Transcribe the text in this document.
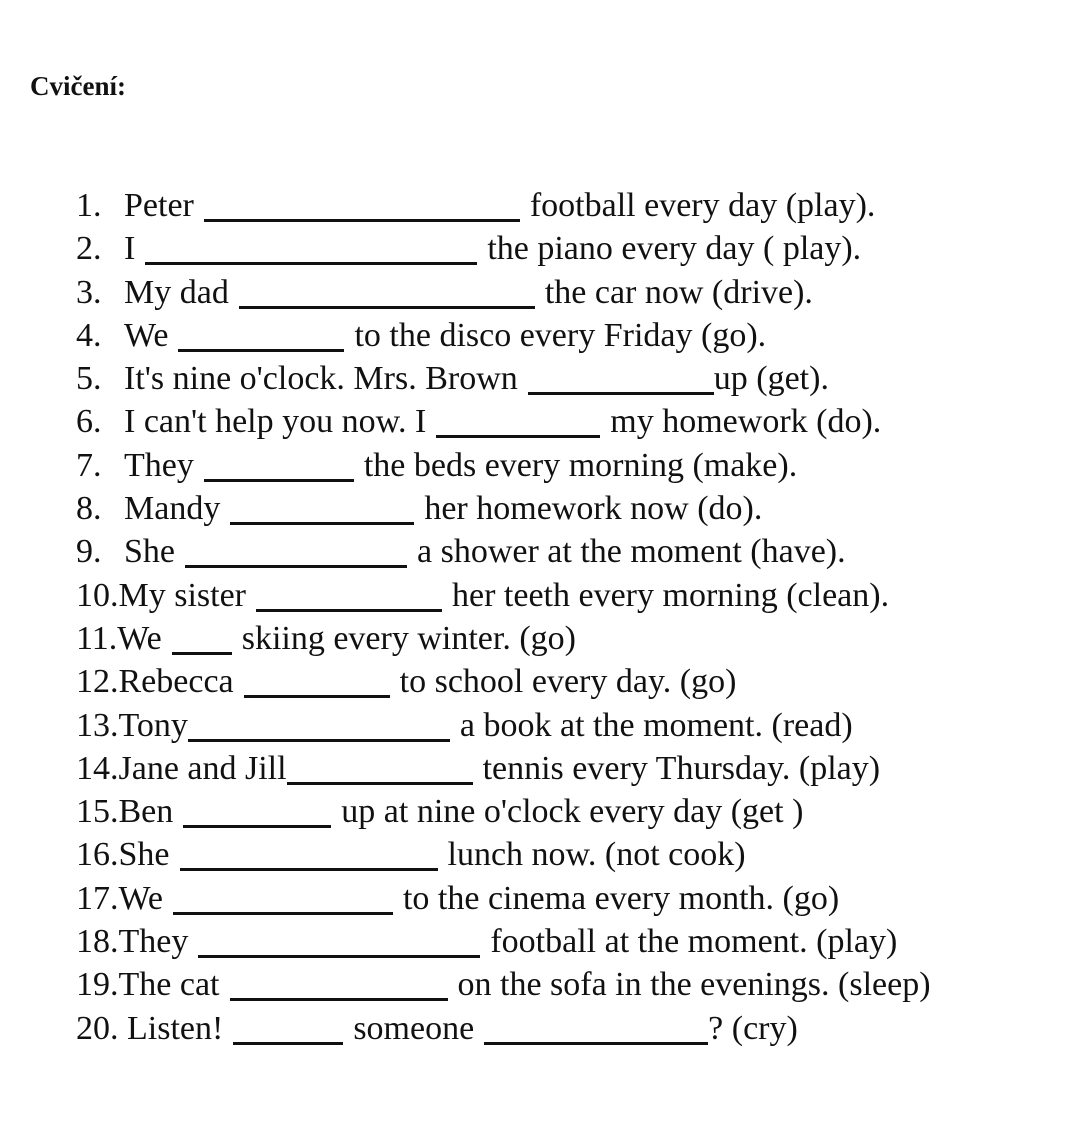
Cvičení:
1. Peter	football every day (play).
2. I	the piano every day ( play).
3. My dad	the car now (drive).
4. We	to the disco every Friday (go).
5. It's nine o'clock. Mrs. Brown	up (get).
6. I can't help you now. I	my homework (do).
7. They	the beds every morning (make).
8. Mandy	her homework now (do).
9. She	a shower at the moment (have).
10.My sister	her teeth every morning (clean).
11.We skiing every winter. (go)
12.Rebecca	to school every day. (go)
13.Tony	a book at the moment. (read)
14.Jane and Jill	tennis every Thursday. (play)
15.Ben	up at nine o'clock every day (get )
16.She	lunch now. (not cook)
17.We	to the cinema every month. (go)
18.They	football at the moment. (play)
19.The cat	on the sofa in the evenings. (sleep)
20. Listen!	someone	? (cry)
